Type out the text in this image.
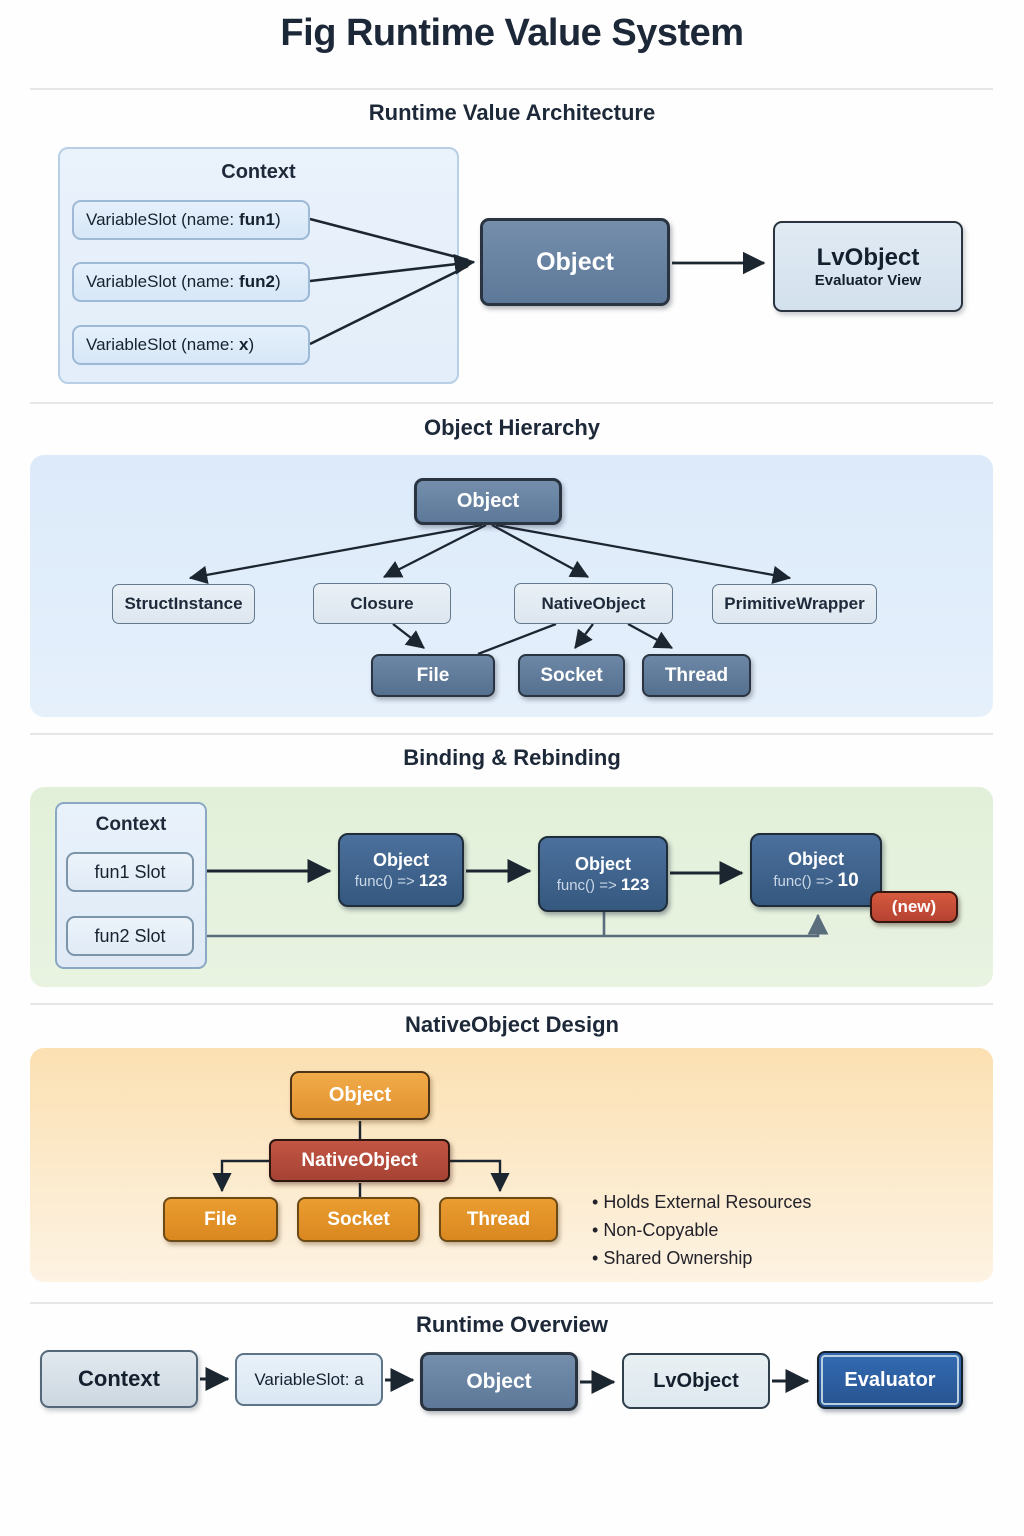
Fig Runtime Value System
Runtime Value Architecture
Object Hierarchy
Binding & Rebinding
NativeObject Design
Runtime Overview
Context
VariableSlot (name: fun1 )
VariableSlot (name: fun2 )
VariableSlot (name: x )
Object	LvObject
Evaluator View
Object
StructInstance	Closure	NativeObject	PrimitiveWrapper
File	Socket	Thread
Context
fun1 Slot
fun2 Slot
Object
func() => 123
Object
func() => 123
Object
func() => 10
(new)
Object
NativeObject
File	Socket	Thread
• Holds External Resources
• Non-Copyable
• Shared Ownership
Context	VariableSlot: a	Object	LvObject	Evaluator
